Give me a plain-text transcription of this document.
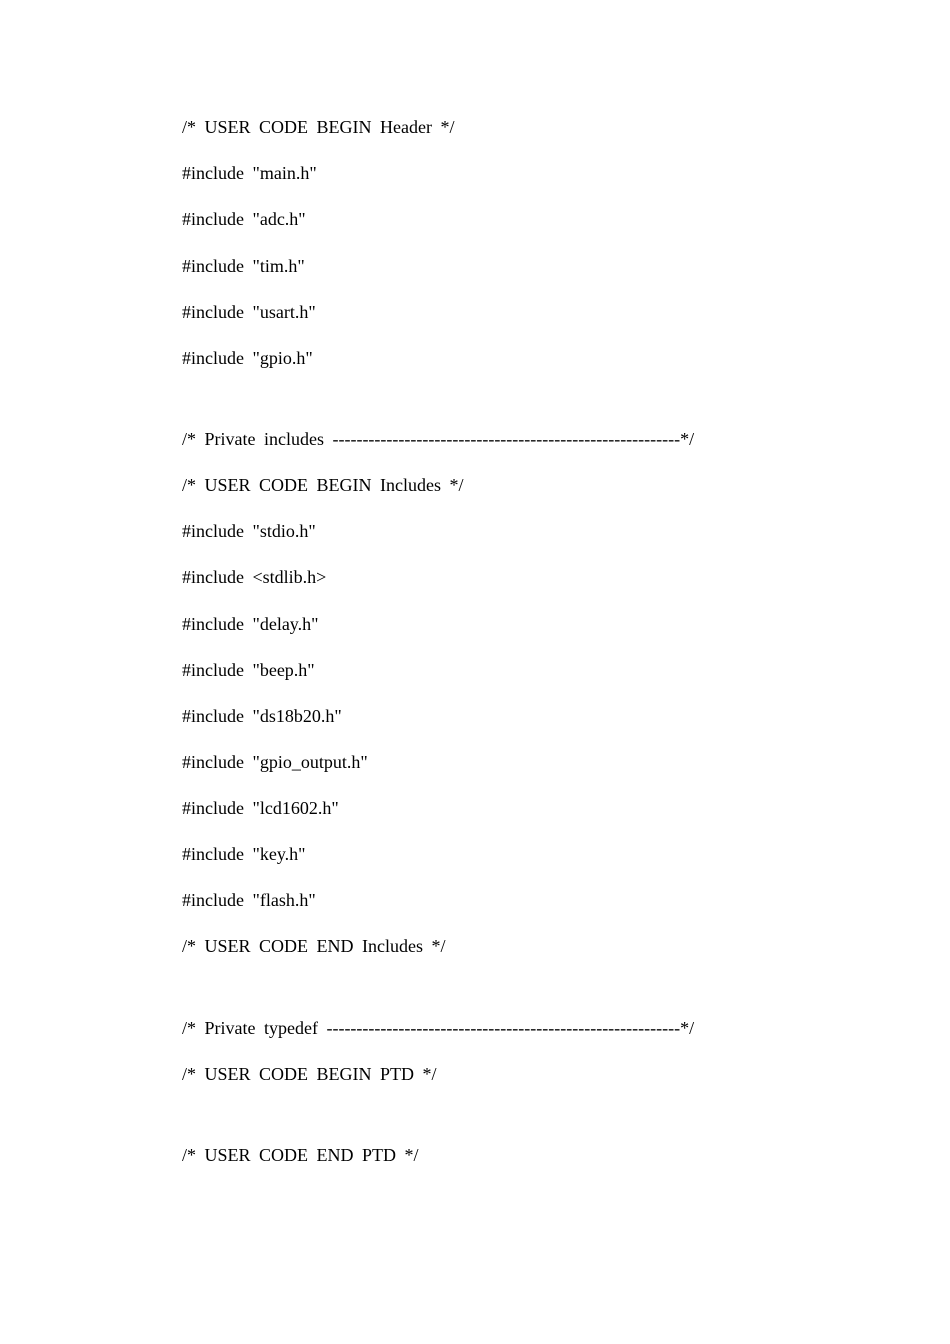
/* USER CODE BEGIN Header */

#include "main.h"

#include "adc.h"

#include "tim.h"

#include "usart.h"

#include "gpio.h"

/* Private includes ----------------------------------------------------------*/

/* USER CODE BEGIN Includes */

#include "stdio.h"

#include <stdlib.h>

#include "delay.h"

#include "beep.h"

#include "ds18b20.h"

#include "gpio_output.h"

#include "lcd1602.h"

#include "key.h"

#include "flash.h"

/* USER CODE END Includes */

/* Private typedef -----------------------------------------------------------*/

/* USER CODE BEGIN PTD */

/* USER CODE END PTD */
